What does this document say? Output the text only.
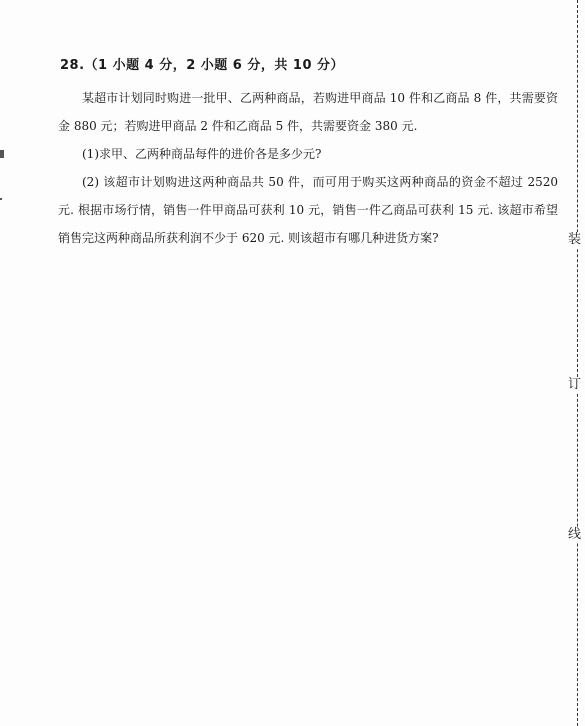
28.（1 小题 4 分，2 小题 6 分，共 10 分）

某超市计划同时购进一批甲、乙两种商品，若购进甲商品 10 件和乙商品 8 件，共需要资金 880 元；若购进甲商品 2 件和乙商品 5 件，共需要资金 380 元.

(1)求甲、乙两种商品每件的进价各是多少元?

(2) 该超市计划购进这两种商品共 50 件，而可用于购买这两种商品的资金不超过 2520 元. 根据市场行情，销售一件甲商品可获利 10 元，销售一件乙商品可获利 15 元. 该超市希望销售完这两种商品所获利润不少于 620 元. 则该超市有哪几种进货方案?	装
订
线
